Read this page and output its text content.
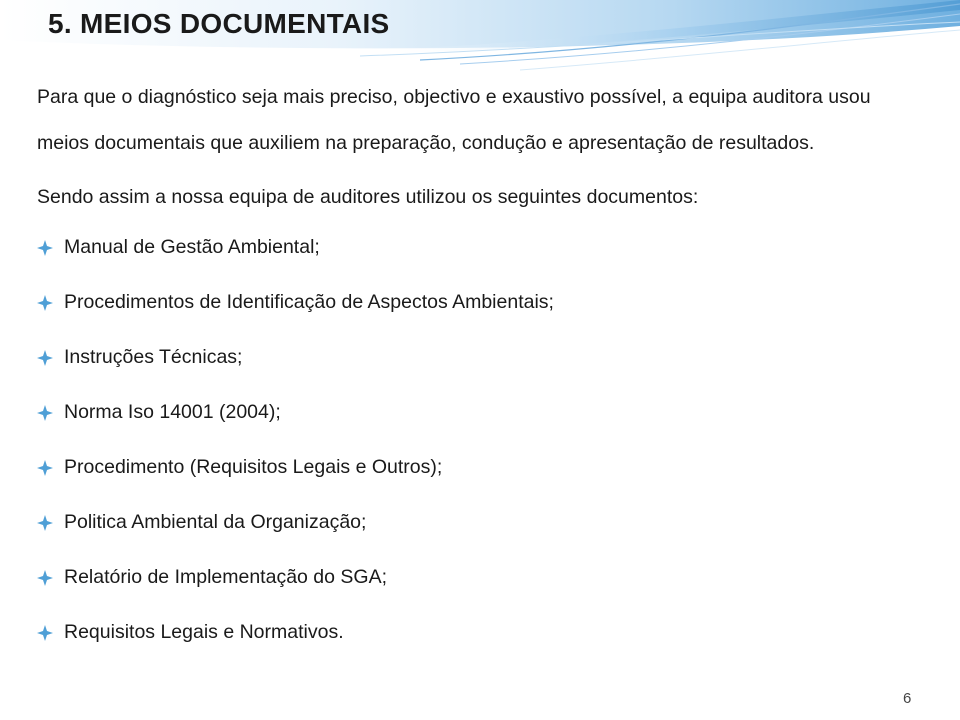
5. MEIOS DOCUMENTAIS

Para que o diagnóstico seja mais preciso, objectivo e exaustivo possível, a equipa auditora usou meios documentais que auxiliem na preparação, condução e apresentação de resultados.

Sendo assim a nossa equipa de auditores utilizou os seguintes documentos:

Manual de Gestão Ambiental;
Procedimentos de Identificação de Aspectos Ambientais;
Instruções Técnicas;
Norma Iso 14001 (2004);
Procedimento (Requisitos Legais e Outros);
Politica Ambiental da Organização;
Relatório de Implementação do SGA;
Requisitos Legais e Normativos.
6
